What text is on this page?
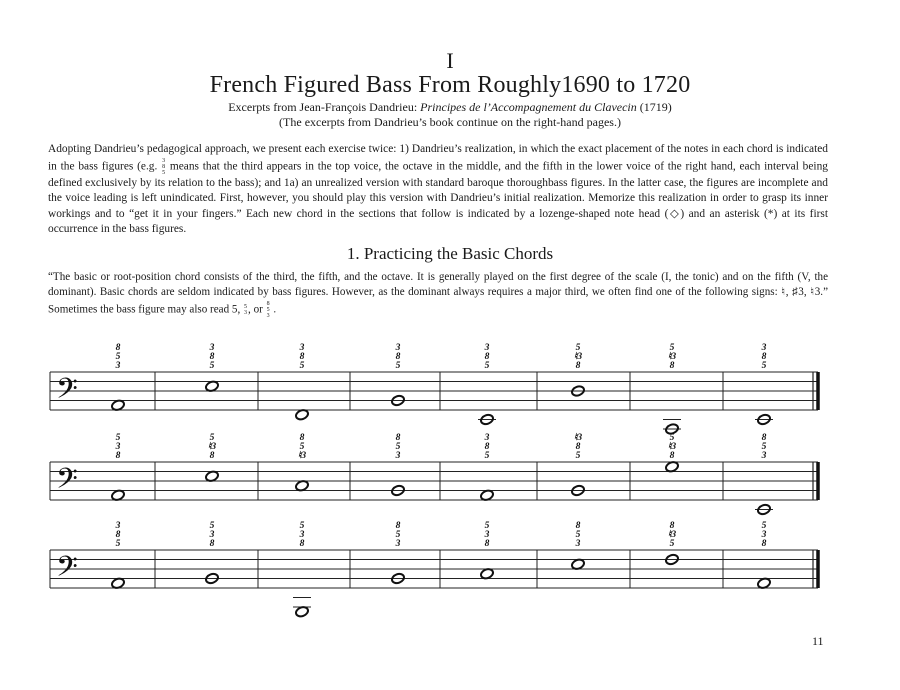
I
French Figured Bass From Roughly1690 to 1720
Excerpts from Jean-François Dandrieu: Principes de l’Accompagnement du Clavecin (1719)
(The excerpts from Dandrieu’s book continue on the right-hand pages.)
Adopting Dandrieu’s pedagogical approach, we present each exercise twice: 1) Dandrieu’s realization, in which the exact placement of the notes in each chord is indicated in the bass figures (e.g. 3
8
5 means that the third appears in the top voice, the octave in the middle, and the fifth in the lower voice of the right hand, each interval being defined exclusively by its relation to the bass); and 1a) an unrealized version with standard baroque thoroughbass figures. In the latter case, the figures are incomplete and the voice leading is left unindicated. First, however, you should play this version with Dandrieu’s initial realization. Memorize this realization in order to grasp its inner workings and to “get it in your fingers.” Each new chord in the sections that follow is indicated by a lozenge-shaped note head (◇) and an asterisk (*) at its first occurrence in the bass figures.
1. Practicing the Basic Chords
“The basic or root-position chord consists of the third, the fifth, and the octave. It is generally played on the first degree of the scale (I, the tonic) and on the fifth (V, the dominant). Basic chords are seldom indicated by bass figures. However, as the dominant always requires a major third, we often find one of the following signs: ♮, ♯3, ♮3.” Sometimes the bass figure may also read 5, 5
3, or 8
5
3 .
𝄢
8
5
3
3
8
5
3
8
5
3
8
5
3
8
5
5
♮3
8
5
♮3
8
3
8
5
𝄢
5
3
8
5
♮3
8
8
5
♮3
8
5
3
3
8
5
♮3
8
5
5
♮3
8
8
5
3
𝄢
3
8
5
5
3
8
5
3
8
8
5
3
5
3
8
8
5
3
8
♮3
5
5
3
8
11
